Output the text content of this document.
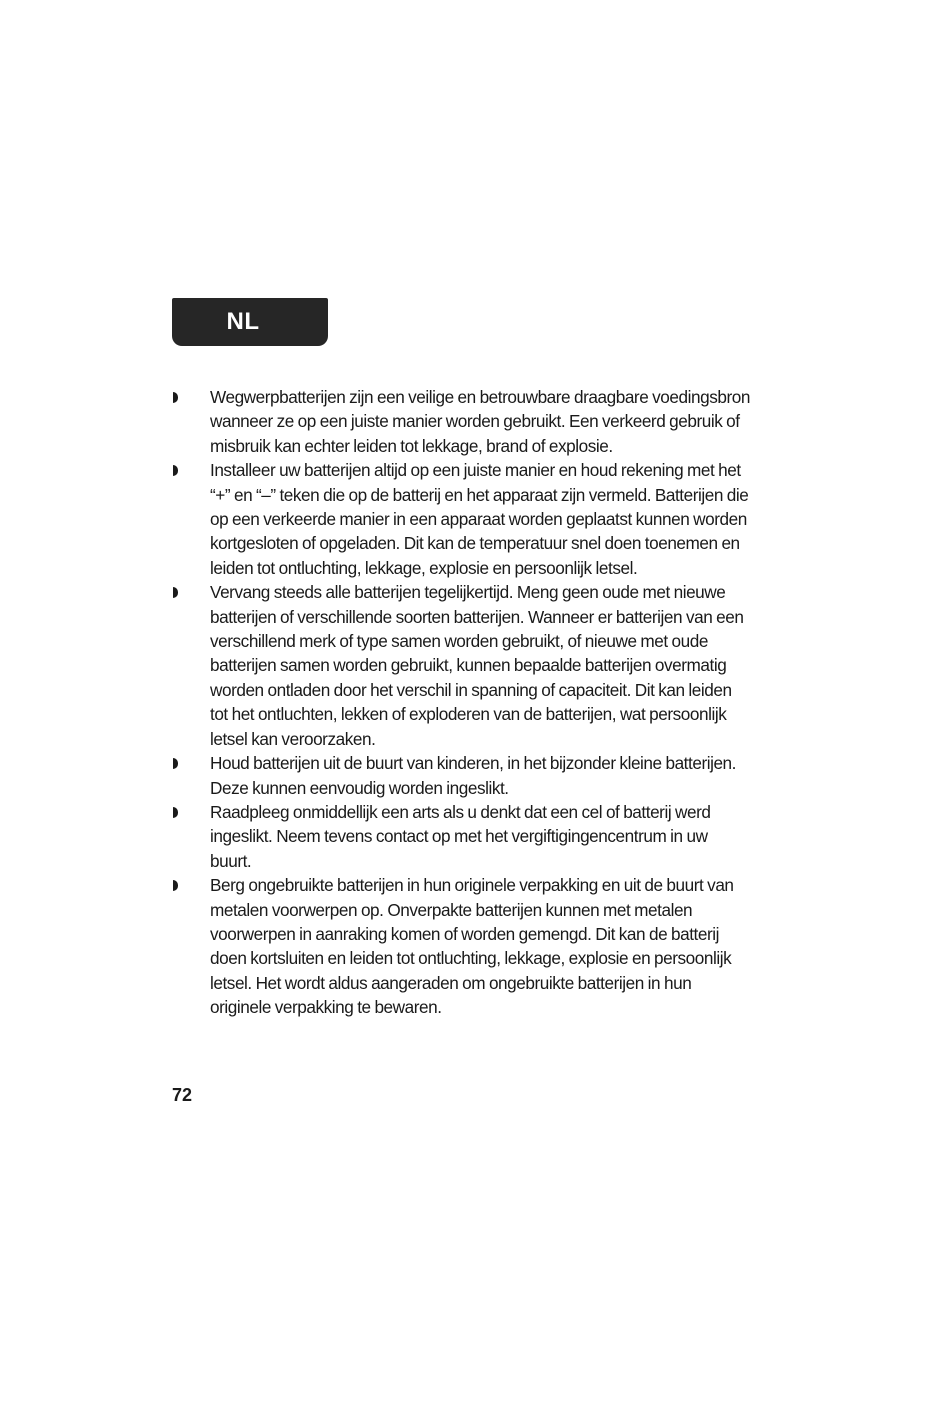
NL
Wegwerpbatterijen zijn een veilige en betrouwbare draagbare voedingsbron wanneer ze op een juiste manier worden gebruikt. Een verkeerd gebruik of misbruik kan echter leiden tot lekkage, brand of explosie.
Installeer uw batterijen altijd op een juiste manier en houd rekening met het “+” en “–” teken die op de batterij en het apparaat zijn vermeld. Batterijen die op een verkeerde manier in een apparaat worden geplaatst kunnen worden kortgesloten of opgeladen. Dit kan de temperatuur snel doen toenemen en leiden tot ontluchting, lekkage, explosie en persoonlijk letsel.
Vervang steeds alle batterijen tegelijkertijd. Meng geen oude met nieuwe batterijen of verschillende soorten batterijen. Wanneer er batterijen van een verschillend merk of type samen worden gebruikt, of nieuwe met oude batterijen samen worden gebruikt, kunnen bepaalde batterijen overmatig worden ontladen door het verschil in spanning of capaciteit. Dit kan leiden tot het ontluchten, lekken of exploderen van de batterijen, wat persoonlijk letsel kan veroorzaken.
Houd batterijen uit de buurt van kinderen, in het bijzonder kleine batterijen. Deze kunnen eenvoudig worden ingeslikt.
Raadpleeg onmiddellijk een arts als u denkt dat een cel of batterij werd ingeslikt. Neem tevens contact op met het vergiftigingencentrum in uw buurt.
Berg ongebruikte batterijen in hun originele verpakking en uit de buurt van metalen voorwerpen op. Onverpakte batterijen kunnen met metalen voorwerpen in aanraking komen of worden gemengd. Dit kan de batterij doen kortsluiten en leiden tot ontluchting, lekkage, explosie en persoonlijk letsel. Het wordt aldus aangeraden om ongebruikte batterijen in hun originele verpakking te bewaren.
72
